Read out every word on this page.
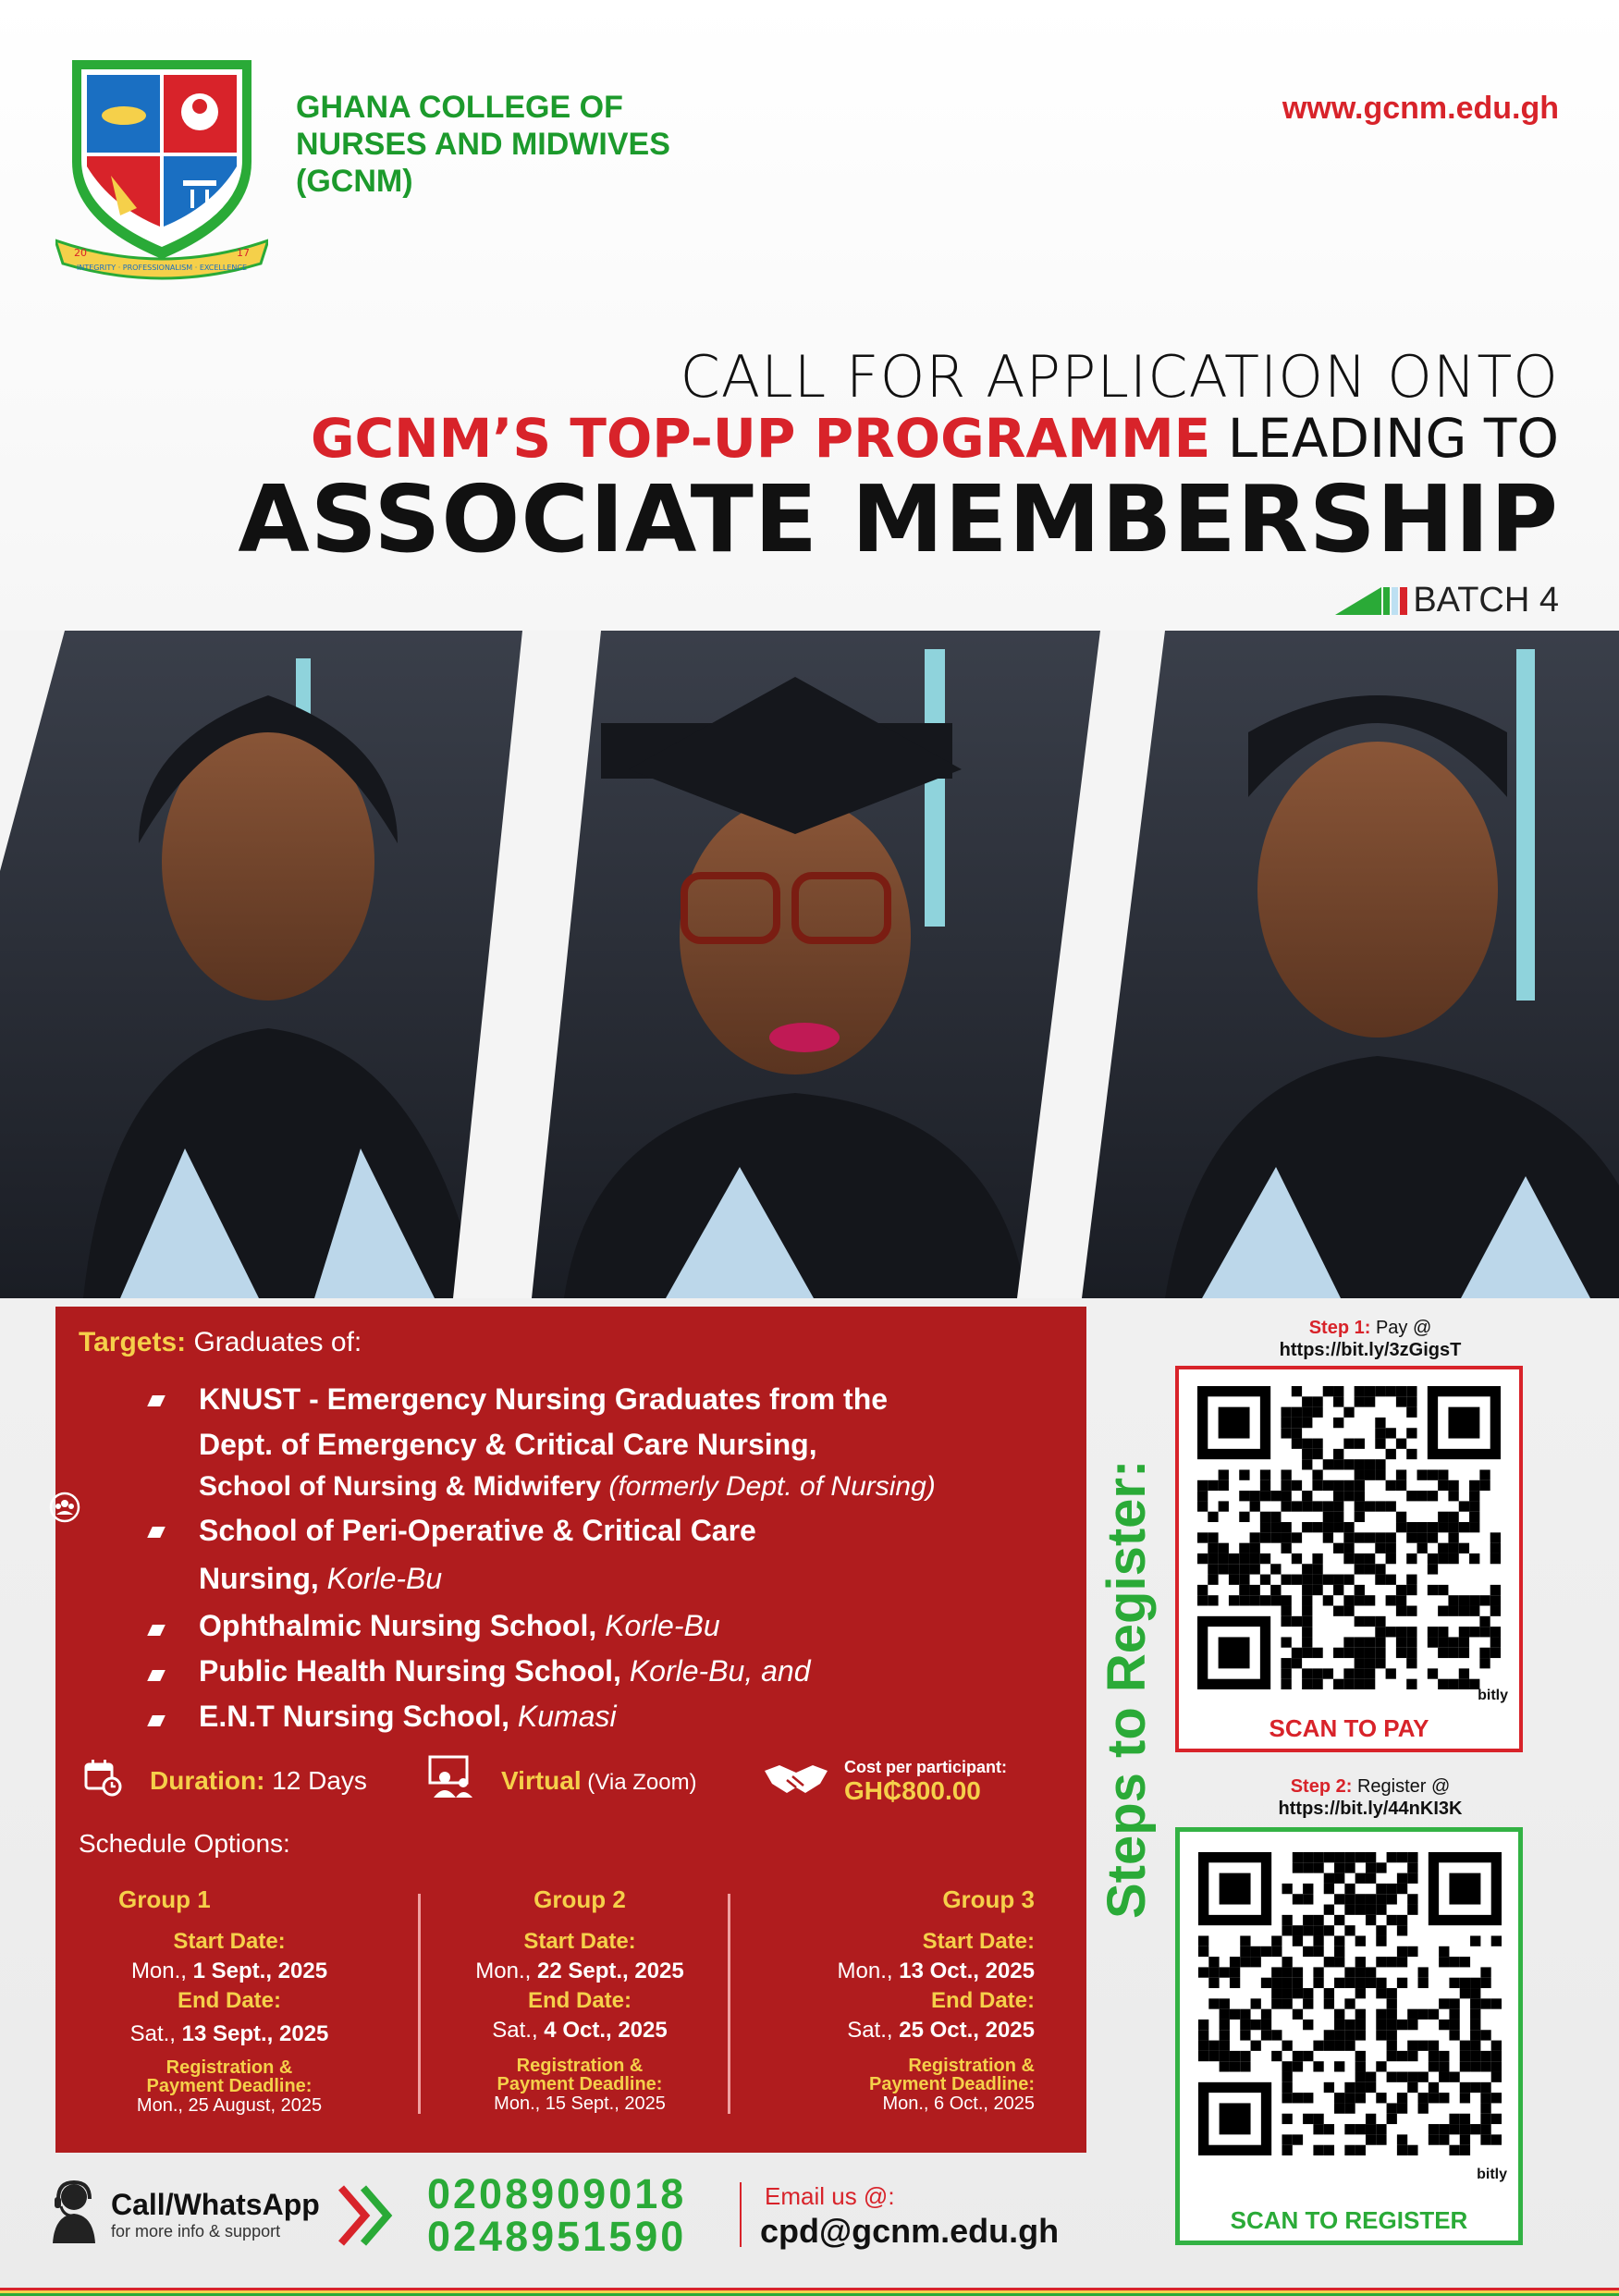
20	17
INTEGRITY · PROFESSIONALISM · EXCELLENCE
GHANA COLLEGE OF
NURSES AND MIDWIVES
(GCNM)
www.gcnm.edu.gh
CALL FOR APPLICATION ONTO
GCNM’S TOP-UP PROGRAMME LEADING TO
ASSOCIATE MEMBERSHIP
BATCH 4
Targets: Graduates of:
KNUST - Emergency Nursing Graduates from the
Dept. of Emergency & Critical Care Nursing,
School of Nursing & Midwifery (formerly Dept. of Nursing)
School of Peri-Operative & Critical Care
Nursing, Korle-Bu
Ophthalmic Nursing School, Korle-Bu
Public Health Nursing School, Korle-Bu, and
E.N.T Nursing School, Kumasi
Duration: 12 Days	Virtual (Via Zoom)
Cost per participant:
GH₵800.00
Schedule Options:
Group 1
Start Date:
Mon., 1 Sept., 2025
End Date:
Sat., 13 Sept., 2025
Registration &
Payment Deadline:
Mon., 25 August, 2025
Group 2
Start Date:
Mon., 22 Sept., 2025
End Date:
Sat., 4 Oct., 2025
Registration &
Payment Deadline:
Mon., 15 Sept., 2025
Group 3
Start Date:
Mon., 13 Oct., 2025
End Date:
Sat., 25 Oct., 2025
Registration &
Payment Deadline:
Mon., 6 Oct., 2025
Steps to Register:
Step 1: Pay @
https://bit.ly/3zGigsT
bitly
SCAN TO PAY
Step 2: Register @
https://bit.ly/44nKI3K
bitly
SCAN TO REGISTER
Call/WhatsApp
for more info & support
0208909018
0248951590
Email us @:
cpd@gcnm.edu.gh
